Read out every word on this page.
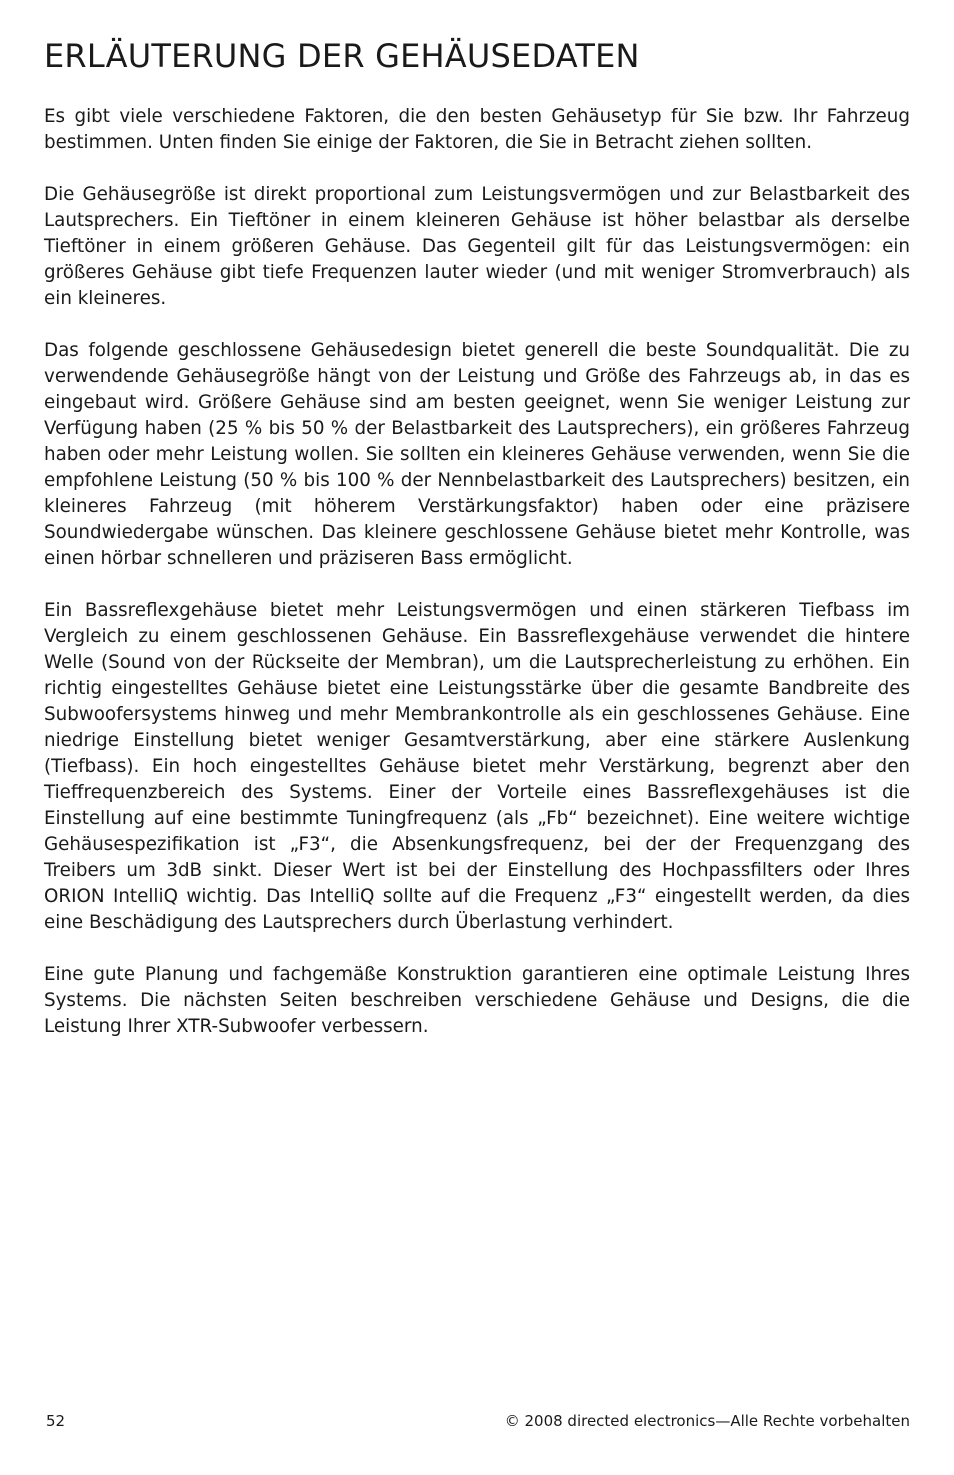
ERLÄUTERUNG DER GEHÄUSEDATEN

Es gibt viele verschiedene Faktoren, die den besten Gehäusetyp für Sie bzw. Ihr Fahrzeug bestimmen. Unten finden Sie einige der Faktoren, die Sie in Betracht ziehen sollten.

Die Gehäusegröße ist direkt proportional zum Leistungsvermögen und zur Belastbarkeit des Lautsprechers. Ein Tieftöner in einem kleineren Gehäuse ist höher belastbar als derselbe Tieftöner in einem größeren Gehäuse. Das Gegenteil gilt für das Leistungsvermögen: ein größeres Gehäuse gibt tiefe Frequenzen lauter wieder (und mit weniger Stromverbrauch) als ein kleineres.

Das folgende geschlossene Gehäusedesign bietet generell die beste Soundqualität. Die zu verwendende Gehäusegröße hängt von der Leistung und Größe des Fahrzeugs ab, in das es eingebaut wird. Größere Gehäuse sind am besten geeignet, wenn Sie weniger Leistung zur Verfügung haben (25 % bis 50 % der Belastbarkeit des Lautsprechers), ein größeres Fahrzeug haben oder mehr Leistung wollen. Sie sollten ein kleineres Gehäuse verwenden, wenn Sie die empfohlene Leistung (50 % bis 100 % der Nennbelastbarkeit des Lautsprechers) besitzen, ein kleineres Fahrzeug (mit höherem Verstärkungsfaktor) haben oder eine präzisere Soundwiedergabe wünschen. Das kleinere geschlossene Gehäuse bietet mehr Kontrolle, was einen hörbar schnelleren und präziseren Bass ermöglicht.

Ein Bassreflexgehäuse bietet mehr Leistungsvermögen und einen stärkeren Tiefbass im Vergleich zu einem geschlossenen Gehäuse. Ein Bassreflexgehäuse verwendet die hintere Welle (Sound von der Rückseite der Membran), um die Lautsprecherleistung zu erhöhen. Ein richtig eingestelltes Gehäuse bietet eine Leistungsstärke über die gesamte Bandbreite des Subwoofersystems hinweg und mehr Membrankontrolle als ein geschlossenes Gehäuse. Eine niedrige Einstellung bietet weniger Gesamtverstärkung, aber eine stärkere Auslenkung (Tiefbass). Ein hoch eingestelltes Gehäuse bietet mehr Verstärkung, begrenzt aber den Tieffrequenzbereich des Systems. Einer der Vorteile eines Bassreflexgehäuses ist die Einstellung auf eine bestimmte Tuningfrequenz (als „Fb“ bezeichnet). Eine weitere wichtige Gehäusespezifikation ist „F3“, die Absenkungsfrequenz, bei der der Frequenzgang des Treibers um 3dB sinkt. Dieser Wert ist bei der Einstellung des Hochpassfilters oder Ihres ORION IntelliQ wichtig. Das IntelliQ sollte auf die Frequenz „F3“ eingestellt werden, da dies eine Beschädigung des Lautsprechers durch Überlastung verhindert.

Eine gute Planung und fachgemäße Konstruktion garantieren eine optimale Leistung Ihres Systems. Die nächsten Seiten beschreiben verschiedene Gehäuse und Designs, die die Leistung Ihrer XTR-Subwoofer verbessern.

52	© 2008 directed electronics—Alle Rechte vorbehalten
